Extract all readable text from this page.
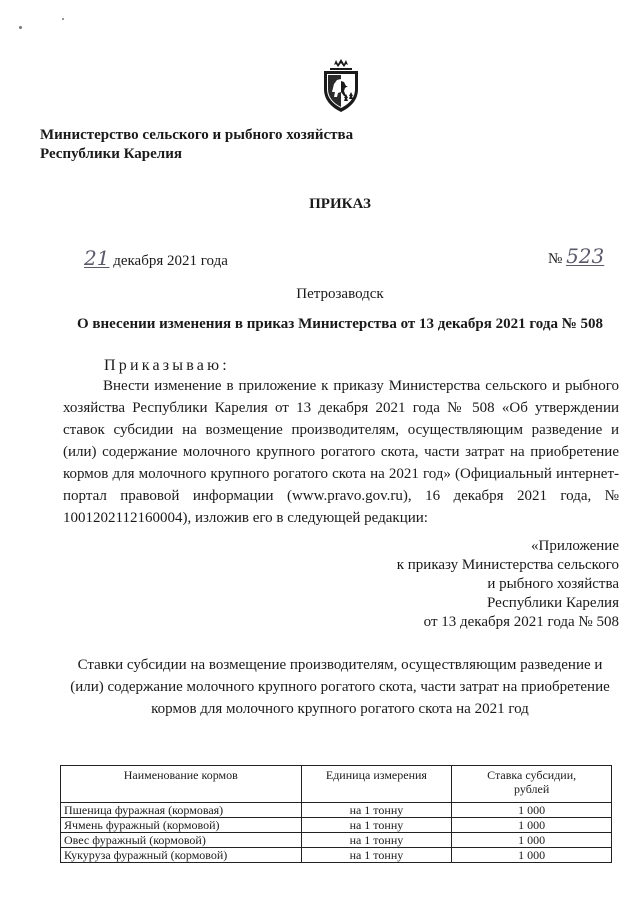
Министерство сельского и рыбного хозяйства
Республики Карелия
ПРИКАЗ
21 декабря 2021 года	№ 523
Петрозаводск
О внесении изменения в приказ Министерства от 13 декабря 2021 года № 508
Приказываю:
Внести изменение в приложение к приказу Министерства сельского и рыбного хозяйства Республики Карелия от 13 декабря 2021 года № 508 «Об утверждении ставок субсидии на возмещение производителям, осуществляющим разведение и (или) содержание молочного крупного рогатого скота, части затрат на приобретение кормов для молочного крупного рогатого скота на 2021 год» (Официальный интернет-портал правовой информации (www.pravo.gov.ru), 16 декабря 2021 года, № 1001202112160004), изложив его в следующей редакции:
«Приложение
к приказу Министерства сельского
и рыбного хозяйства
Республики Карелия
от 13 декабря 2021 года № 508
Ставки субсидии на возмещение производителям, осуществляющим разведение и
(или) содержание молочного крупного рогатого скота, части затрат на приобретение
кормов для молочного крупного рогатого скота на 2021 год
Наименование кормов	Единица измерения	Ставка субсидии,
рублей

Пшеница фуражная (кормовая)	на 1 тонну	1 000
Ячмень фуражный (кормовой)	на 1 тонну	1 000
Овес фуражный (кормовой)	на 1 тонну	1 000
Кукуруза фуражный (кормовой)	на 1 тонну	1 000
